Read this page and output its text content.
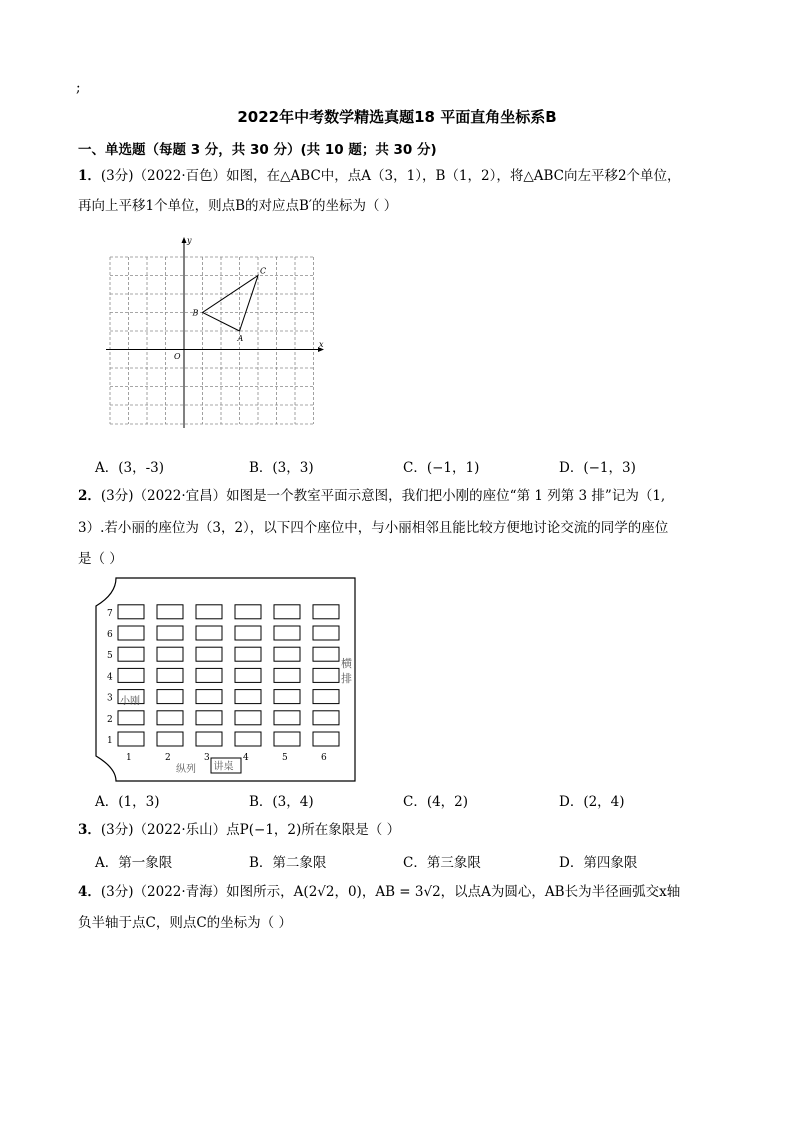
;
2022年中考数学精选真题18 平面直角坐标系B
一、单选题（每题 3 分，共 30 分）(共 10 题；共 30 分)
1．(3分)（2022·百色）如图，在△ABC中，点A（3，1），B（1，2），将△ABC向左平移2个单位，
再向上平移1个单位，则点B的对应点B′的坐标为（ ）
x
y
O
A
B
C
A．(3，-3)	B．(3，3)	C．(−1，1)	D．(−1，3)
2．(3分)（2022·宜昌）如图是一个教室平面示意图，我们把小刚的座位“第 1 列第 3 排”记为（1,
3）.若小丽的座位为（3，2），以下四个座位中，与小丽相邻且能比较方便地讨论交流的同学的座位
是（ ）
1
2
3
4
5
6
7
1	2	3	4	5	6
小刚
横
排
纵列 讲桌
A．(1，3)	B．(3，4)	C．(4，2)	D．(2，4)
3．(3分)（2022·乐山）点P(−1，2)所在象限是（ ）
A．第一象限	B．第二象限	C．第三象限	D．第四象限
4．(3分)（2022·青海）如图所示，A(2√2，0)，AB = 3√2，以点A为圆心，AB长为半径画弧交x轴
负半轴于点C，则点C的坐标为（ ）
